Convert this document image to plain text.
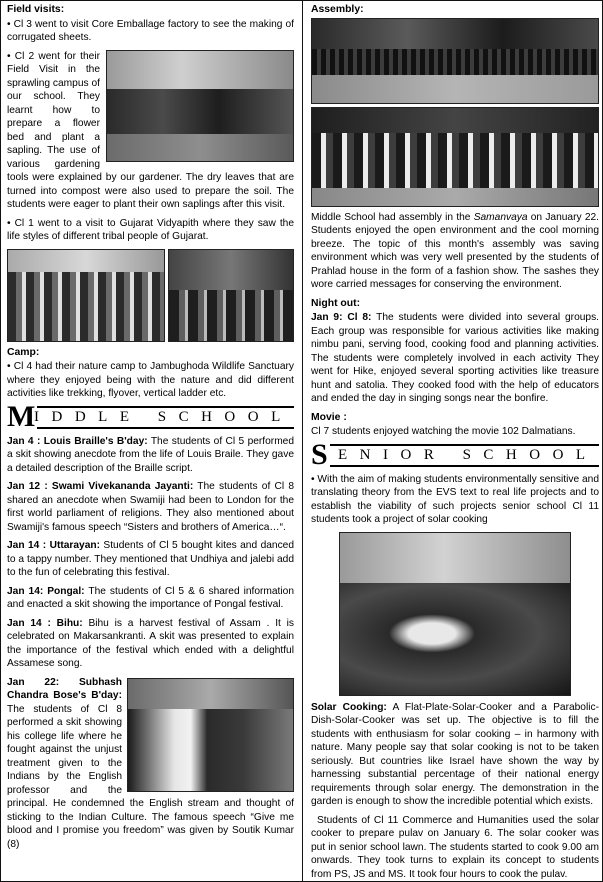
Field visits:

• Cl 3 went to visit Core Emballage factory to see the making of corrugated sheets.

• Cl 2 went for their Field Visit in the sprawling campus of our school. They learnt how to prepare a flower bed and plant a sapling. The use of various gardening tools were explained by our gardener. The dry leaves that are turned into compost were also used to prepare the soil. The students were eager to plant their own saplings after this visit.

• Cl 1 went to a visit to Gujarat Vidyapith where they saw the life styles of different tribal people of Gujarat.

Camp:

• Cl 4 had their nature camp to Jambughoda Wildlife Sanctuary where they enjoyed being with the nature and did different activities like trekking, flyover, vertical ladder etc.

M
IDDLE SCHOOL

Jan 4 : Louis Braille's B'day: The students of Cl 5 performed a skit showing anecdote from the life of Louis Braile. They gave a detailed description of the Braille script.

Jan 12 : Swami Vivekananda Jayanti: The students of Cl 8 shared an anecdote when Swamiji had been to London for the first world parliament of religions. They also mentioned about Swamiji's famous speech “Sisters and brothers of America…“.

Jan 14 : Uttarayan: Students of Cl 5 bought kites and danced to a tappy number. They mentioned that Undhiya and jalebi add to the fun of celebrating this festival.

Jan 14: Pongal: The students of Cl 5 & 6 shared information and enacted a skit showing the importance of Pongal festival.

Jan 14 : Bihu: Bihu is a harvest festival of Assam . It is celebrated on Makarsankranti. A skit was presented to explain the importance of the festival which ended with a delightful Assamese song.

Jan 22: Subhash Chandra Bose's B'day: The students of Cl 8 performed a skit showing his college life where he fought against the unjust treatment given to the Indians by the English professor and the principal. He condemned the English stream and thought of sticking to the Indian Culture. The famous speech “Give me blood and I promise you freedom” was given by Soutik Kumar (8)

Assembly:

Middle School had assembly in the Samanvaya on January 22. Students enjoyed the open environment and the cool morning breeze. The topic of this month's assembly was saving environment which was very well presented by the students of Prahlad house in the form of a fashion show. The sashes they wore carried messages for conserving the environment.

Night out:

Jan 9: Cl 8: The students were divided into several groups. Each group was responsible for various activities like making nimbu pani, serving food, cooking food and planning activities. The students were completely involved in each activity They went for Hike, enjoyed several sporting activities like treasure hunt and satolia. They cooked food with the help of educators and ended the day in singing songs near the bonfire.

Movie :

Cl 7 students enjoyed watching the movie 102 Dalmatians.

S ENIOR SCHOOL

• With the aim of making students environmentally sensitive and translating theory from the EVS text to real life projects and to establish the viability of such projects senior school Cl 11 students took a project of solar cooking

Solar Cooking: A Flat-Plate-Solar-Cooker and a Parabolic-Dish-Solar-Cooker was set up. The objective is to fill the students with enthusiasm for solar cooking – in harmony with nature. Many people say that solar cooking is not to be taken seriously. But countries like Israel have shown the way by harnessing substantial percentage of their national energy requirements through solar energy. The demonstration in the garden is enough to show the incredible potential which exists.

Students of Cl 11 Commerce and Humanities used the solar cooker to prepare pulav on January 6. The solar cooker was put in senior school lawn. The students started to cook 9.00 am onwards. They took turns to explain its concept to students from PS, JS and MS. It took four hours to cook the pulav.
